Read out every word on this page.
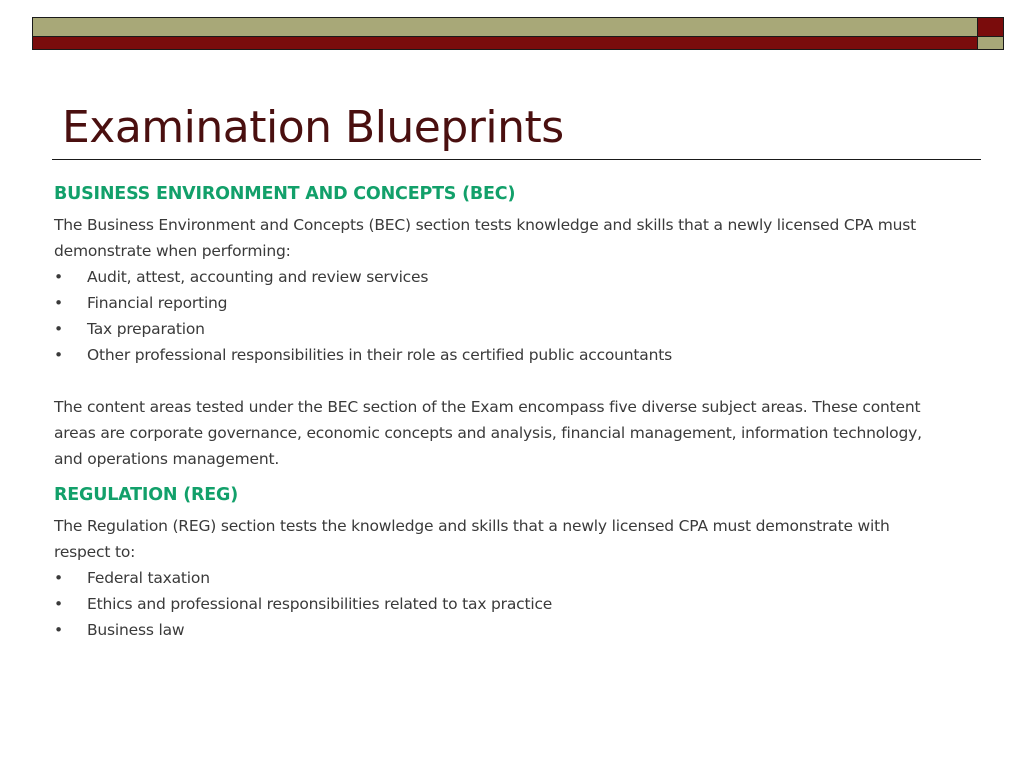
Examination Blueprints
BUSINESS ENVIRONMENT AND CONCEPTS (BEC)

The Business Environment and Concepts (BEC) section tests knowledge and skills that a newly licensed CPA must

demonstrate when performing:

• Audit, attest, accounting and review services
• Financial reporting
• Tax preparation
• Other professional responsibilities in their role as certified public accountants

The content areas tested under the BEC section of the Exam encompass five diverse subject areas. These content

areas are corporate governance, economic concepts and analysis, financial management, information technology,

and operations management.

REGULATION (REG)

The Regulation (REG) section tests the knowledge and skills that a newly licensed CPA must demonstrate with

respect to:

• Federal taxation
• Ethics and professional responsibilities related to tax practice
• Business law
